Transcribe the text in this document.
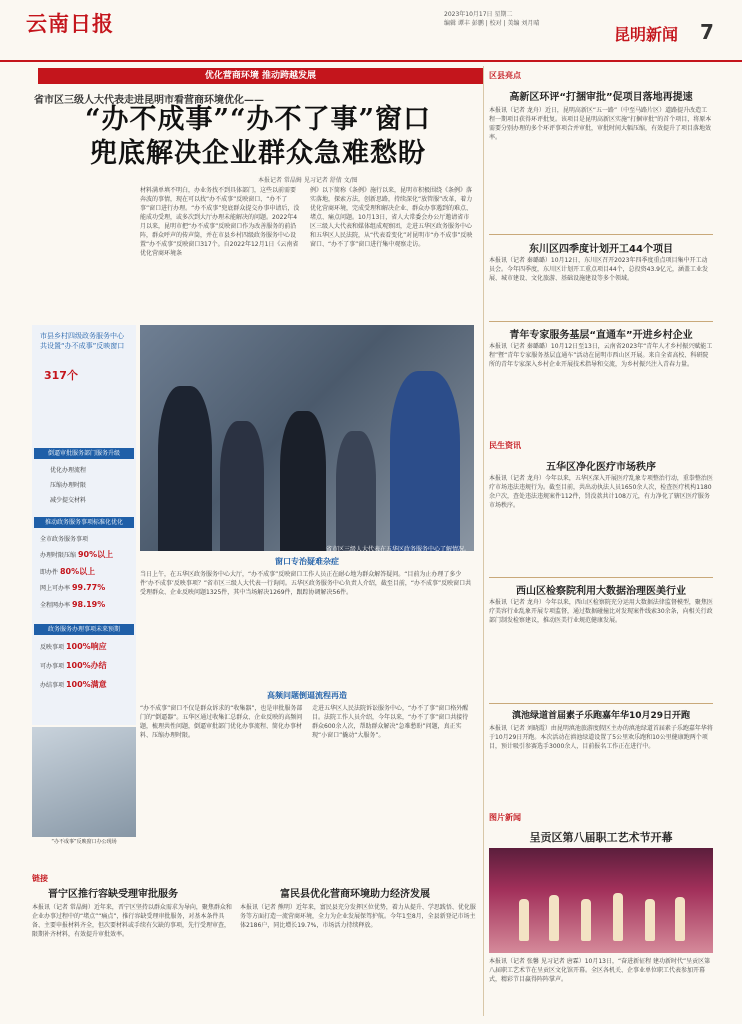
云南日报	2023年10月17日 星期二
编辑 谭丰 彭鹏 | 校对 | 美编 刘月晴
昆明新闻 7
优化营商环境 推动跨越发展
省市区三级人大代表走进昆明市看营商环境优化——
“办不成事”“办不了事”窗口
兜底解决企业群众急难愁盼
本报记者 常晶姆 见习记者 舒倩 文/图
材料满单填不明白，办业务找不到具体部门，这些以前需要奔波的事情，现在可以找“办不成事”反映窗口、“办不了事”窗口进行办理。“办不成事”兜底群众提交办事申请后，没能成功受理，或多次到大厅办理未能解决的问题。2022年4月以来，昆明市把“办不成事”反映窗口作为改善服务的前沿阵，群众呼声的传声筒，并在市县乡村四级政务服务中心设置“办不成事”反映窗口317个。自2022年12月1日《云南省优化营商环境条
例》以下简称《条例》施行以来，昆明市积极围绕《条例》落实落地，探索方法，创新思路，持续深化“放管服”改革，着力优化营商环境，完成受理和解决企业、群众办事遇到的难点、堵点、痛点问题。10月13日，省人大常委会办公厅邀请省市区三级人大代表和媒体组成观察团，走进五华区政务服务中心和五华区人民法院，从“代表看变化”对昆明市“办不成事”反映窗口、“办不了事”窗口进行集中观察走访。
市县乡村四级政务服务中心共设置“办不成事”反映窗口
317个
倒逼审批服务部门服务升级
优化办理流程
压缩办理时限
减少提交材料
推动政务服务事项标准化优化
全市政务服务事项
办理时限压缩 90%以上
即办件 80%以上
网上可办率 99.77%
全程网办率 98.19%
政务服务办理事项未来预期
反映事项 100%响应
可办事项 100%办结
办结事项 100%满意
省市区三级人大代表在五华区政务服务中心了解情况。
窗口专治疑难杂症
当日上午，在五华区政务服务中心大厅，“办不成事”反映窗口工作人员正在耐心地为群众解答疑问。“目前为止办理了多少件‘办不成事’反映事项？”省市区三级人大代表一行询问。五华区政务服务中心负责人介绍，截至目前，“办不成事”反映窗口共受理群众、企业反映问题1325件，其中当场解决1269件，跟踪协调解决56件。
高频问题倒逼流程再造
“办不成事”窗口不仅是群众诉求的“收集器”，也是审批服务部门的“倒逼器”。五华区通过收集汇总群众、企业反映的高频问题，梳理共性问题，倒逼审批部门优化办事流程、简化办事材料、压缩办理时限。
走进五华区人民法院诉讼服务中心，“办不了事”窗口格外醒目。法院工作人员介绍，今年以来，“办不了事”窗口共接待群众600余人次，帮助群众解决“急难愁盼”问题，真正实现“小窗口”撬动“大服务”。
“办不成事”反映窗口办公现场
链接
晋宁区推行容缺受理审批服务
本报讯（记者 常晶姆）近年来，晋宁区坚持以群众需求为导向，聚焦群众和企业办事过程中的“堵点”“痛点”，推行容缺受理审批服务，对基本条件具备、主要申报材料齐全，但次要材料或手续有欠缺的事项，先行受理审查，限期补齐材料，有效提升审批效率。
富民县优化营商环境助力经济发展
本报讯（记者 熊明）近年来，富民县充分发挥区位优势，着力从提升、学思践悟、优化服务等方面打造一流营商环境，全力为企业发展保驾护航。今年1至8月，全县新登记市场主体2186户，同比增长19.7%，市场活力持续释放。
区县亮点
高新区环评“打捆审批”促项目落地再提速
本报讯（记者 龙舟）近日，昆明高新区“五一路”（中至马路片区）道路提升改造工程一期项目获得环评批复。该项目是昆明高新区实施“打捆审批”的首个项目，将原本需要分别办理的多个环评事项合并审批，审批时间大幅压缩，有效提升了项目落地效率。
东川区四季度计划开工44个项目
本报讯（记者 秦璐璐）10月12日，东川区召开2023年四季度重点项目集中开工动员会。今年四季度，东川区计划开工重点项目44个，总投资43.9亿元，涵盖工业发展、城市建设、文化旅游、基础设施建设等多个领域。
青年专家服务基层“直通车”开进乡村企业
本报讯（记者 秦璐璐）10月12日至13日，云南省2023年“青年人才乡村振兴赋能工程”暨“青年专家服务基层直通车”活动在昆明市西山区开展。来自全省高校、科研院所的青年专家深入乡村企业开展技术指导和交流，为乡村振兴注入青春力量。
民生资讯
五华区净化医疗市场秩序
本报讯（记者 龙舟）今年以来，五华区深入开展医疗乱象专项整治行动，重拳整治医疗市场违法违规行为。截至目前，共出动执法人员1650余人次，检查医疗机构1180余户次，查处违法违规案件112件，罚没款共计108万元，有力净化了辖区医疗服务市场秩序。
西山区检察院利用大数据治理医美行业
本报讯（记者 龙舟）今年以来，西山区检察院充分运用大数据法律监督模型，聚焦医疗美容行业乱象开展专项监督，通过数据碰撞比对发现案件线索30余条，向相关行政部门制发检察建议，推动医美行业规范健康发展。
滇池绿道首届素子乐跑嘉年华10月29日开跑
本报讯（记者 刘晓霞）由昆明滇池旅游度假区主办的滇池绿道首届素子乐跑嘉年华将于10月29日开跑。本次活动在滇池绿道设置了5公里欢乐跑和10公里健康跑两个项目，预计吸引参赛选手3000余人，目前报名工作正在进行中。
图片新闻
呈贡区第八届职工艺术节开幕
本报讯（记者 张馨 见习记者 唐霖）10月13日，“奋进新征程 建功新时代”呈贡区第八届职工艺术节在呈贡区文化馆开幕。全区各机关、企事业单位职工代表参加开幕式，精彩节目赢得阵阵掌声。
